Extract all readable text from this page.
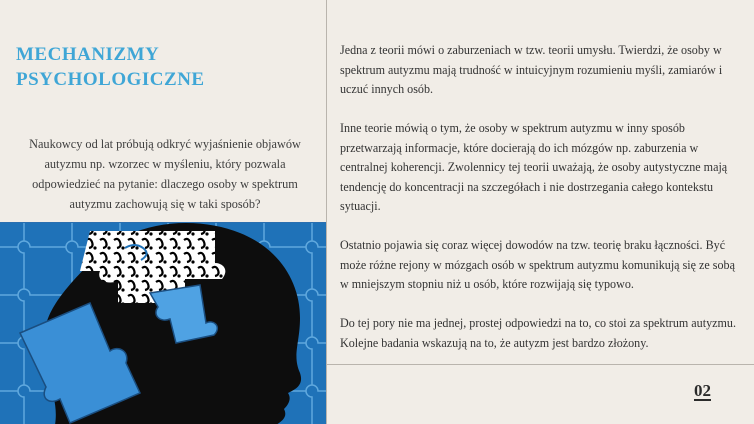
MECHANIZMY
PSYCHOLOGICZNE

Naukowcy od lat próbują odkryć wyjaśnienie objawów autyzmu np. wzorzec w myśleniu, który pozwala odpowiedzieć na pytanie: dlaczego osoby w spektrum autyzmu zachowują się w taki sposób?

Jedna z teorii mówi o zaburzeniach w tzw. teorii umysłu. Twierdzi, że osoby w spektrum autyzmu mają trudność w intuicyjnym rozumieniu myśli, zamiarów i uczuć innych osób.

Inne teorie mówią o tym, że osoby w spektrum autyzmu w inny sposób przetwarzają informacje, które docierają do ich mózgów np. zaburzenia w centralnej koherencji. Zwolennicy tej teorii uważają, że osoby autystyczne mają tendencję do koncentracji na szczegółach i nie dostrzegania całego kontekstu sytuacji.

Ostatnio pojawia się coraz więcej dowodów na tzw. teorię braku łączności. Być może różne rejony w mózgach osób w spektrum autyzmu komunikują się ze sobą w mniejszym stopniu niż u osób, które rozwijają się typowo.

Do tej pory nie ma jednej, prostej odpowiedzi na to, co stoi za spektrum autyzmu. Kolejne badania wskazują na to, że autyzm jest bardzo złożony.

02
